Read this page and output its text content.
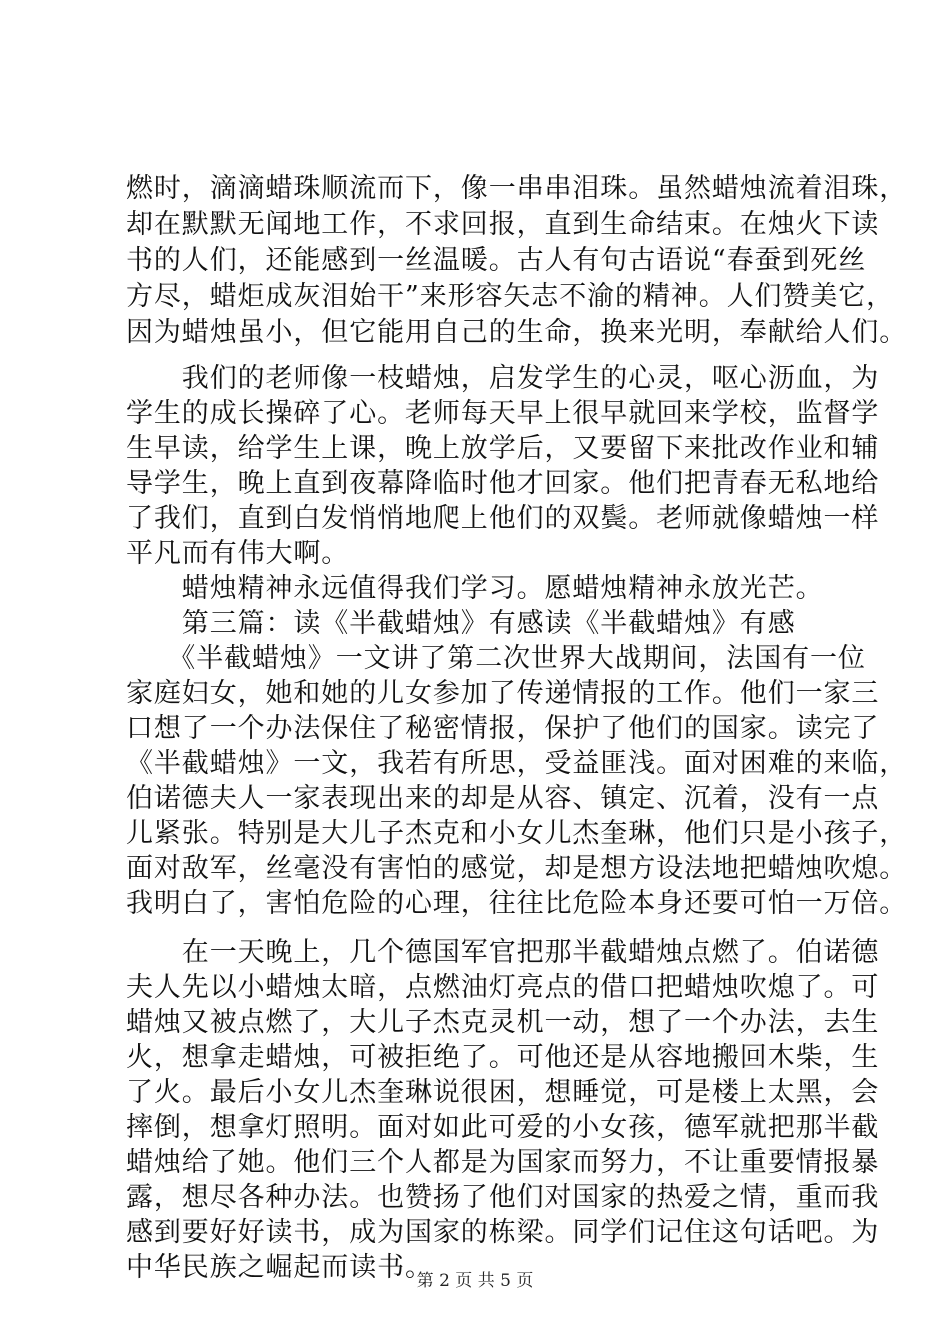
燃时，滴滴蜡珠顺流而下，像一串串泪珠。虽然蜡烛流着泪珠，
却在默默无闻地工作，不求回报，直到生命结束。在烛火下读
书的人们，还能感到一丝温暖。古人有句古语说“春蚕到死丝
方尽，蜡炬成灰泪始干”来形容矢志不渝的精神。人们赞美它，
因为蜡烛虽小，但它能用自己的生命，换来光明，奉献给人们。
　　我们的老师像一枝蜡烛，启发学生的心灵，呕心沥血，为
学生的成长操碎了心。老师每天早上很早就回来学校，监督学
生早读，给学生上课，晚上放学后，又要留下来批改作业和辅
导学生，晚上直到夜幕降临时他才回家。他们把青春无私地给
了我们，直到白发悄悄地爬上他们的双鬓。老师就像蜡烛一样
平凡而有伟大啊。
　　蜡烛精神永远值得我们学习。愿蜡烛精神永放光芒。
　　第三篇：读《半截蜡烛》有感读《半截蜡烛》有感
　　《半截蜡烛》一文讲了第二次世界大战期间，法国有一位
家庭妇女，她和她的儿女参加了传递情报的工作。他们一家三
口想了一个办法保住了秘密情报，保护了他们的国家。读完了
《半截蜡烛》一文，我若有所思，受益匪浅。面对困难的来临，
伯诺德夫人一家表现出来的却是从容、镇定、沉着，没有一点
儿紧张。特别是大儿子杰克和小女儿杰奎琳，他们只是小孩子，
面对敌军，丝毫没有害怕的感觉，却是想方设法地把蜡烛吹熄。
我明白了，害怕危险的心理，往往比危险本身还要可怕一万倍。
　　在一天晚上，几个德国军官把那半截蜡烛点燃了。伯诺德
夫人先以小蜡烛太暗，点燃油灯亮点的借口把蜡烛吹熄了。可
蜡烛又被点燃了，大儿子杰克灵机一动，想了一个办法，去生
火，想拿走蜡烛，可被拒绝了。可他还是从容地搬回木柴，生
了火。最后小女儿杰奎琳说很困，想睡觉，可是楼上太黑，会
摔倒，想拿灯照明。面对如此可爱的小女孩，德军就把那半截
蜡烛给了她。他们三个人都是为国家而努力，不让重要情报暴
露，想尽各种办法。也赞扬了他们对国家的热爱之情，重而我
感到要好好读书，成为国家的栋梁。同学们记住这句话吧。为
中华民族之崛起而读书。
第 2 页 共 5 页
